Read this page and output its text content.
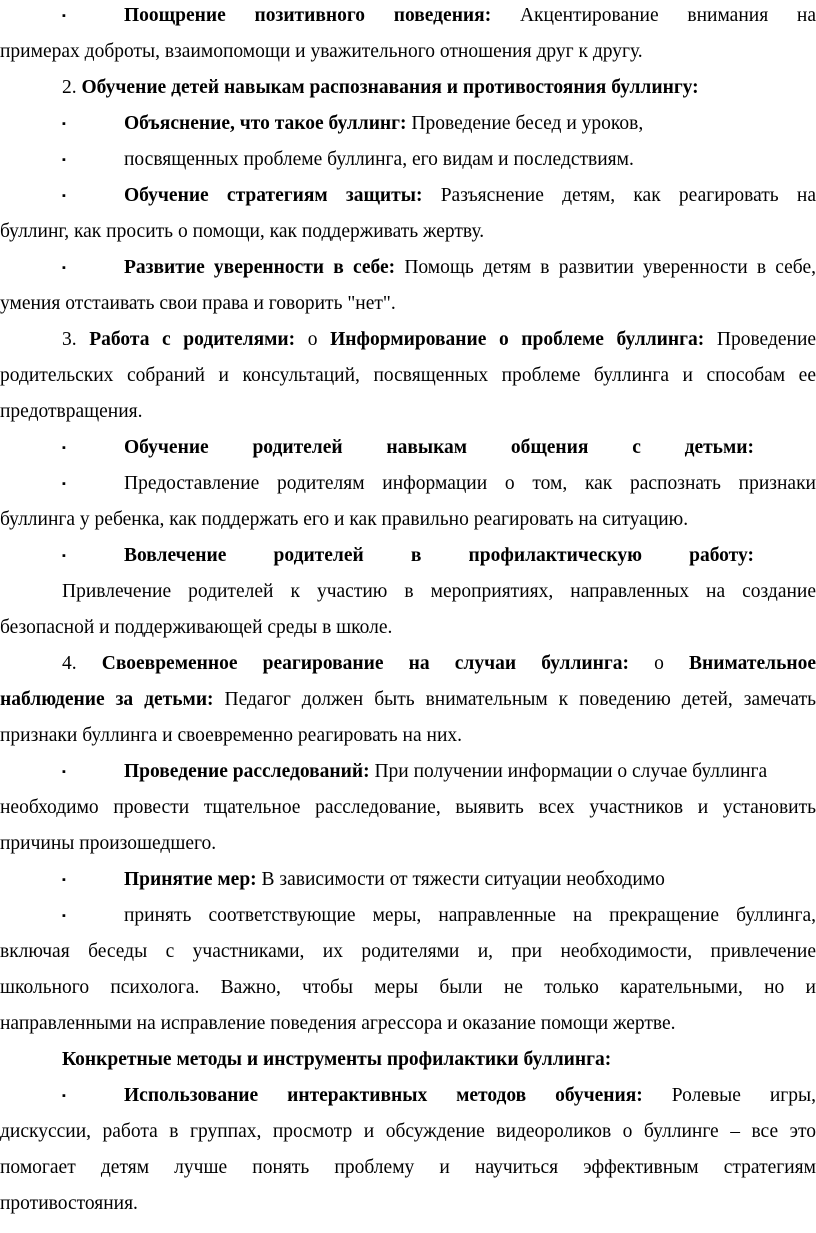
▪	Поощрение позитивного поведения: Акцентирование внимания на
примерах доброты, взаимопомощи и уважительного отношения друг к другу.
2. Обучение детей навыкам распознавания и противостояния буллингу:
▪	Объяснение, что такое буллинг: Проведение бесед и уроков,
▪	посвященных проблеме буллинга, его видам и последствиям.
▪	Обучение стратегиям защиты: Разъяснение детям, как реагировать на
буллинг, как просить о помощи, как поддерживать жертву.
▪	Развитие уверенности в себе: Помощь детям в развитии уверенности в себе,
умения отстаивать свои права и говорить "нет".
3. Работа с родителями: o Информирование о проблеме буллинга: Проведение
родительских собраний и консультаций, посвященных проблеме буллинга и способам ее
предотвращения.
▪	Обучение родителей навыкам общения с детьми:
▪	Предоставление родителям информации о том, как распознать признаки
буллинга у ребенка, как поддержать его и как правильно реагировать на ситуацию.
▪	Вовлечение родителей в профилактическую работу:
Привлечение родителей к участию в мероприятиях, направленных на создание
безопасной и поддерживающей среды в школе.
4. Своевременное реагирование на случаи буллинга: o Внимательное
наблюдение за детьми: Педагог должен быть внимательным к поведению детей, замечать
признаки буллинга и своевременно реагировать на них.
▪	Проведение расследований: При получении информации о случае буллинга
необходимо провести тщательное расследование, выявить всех участников и установить
причины произошедшего.
▪	Принятие мер: В зависимости от тяжести ситуации необходимо
▪	принять соответствующие меры, направленные на прекращение буллинга,
включая беседы с участниками, их родителями и, при необходимости, привлечение
школьного психолога. Важно, чтобы меры были не только карательными, но и
направленными на исправление поведения агрессора и оказание помощи жертве.
Конкретные методы и инструменты профилактики буллинга:
▪	Использование интерактивных методов обучения: Ролевые игры,
дискуссии, работа в группах, просмотр и обсуждение видеороликов о буллинге – все это
помогает детям лучше понять проблему и научиться эффективным стратегиям
противостояния.
